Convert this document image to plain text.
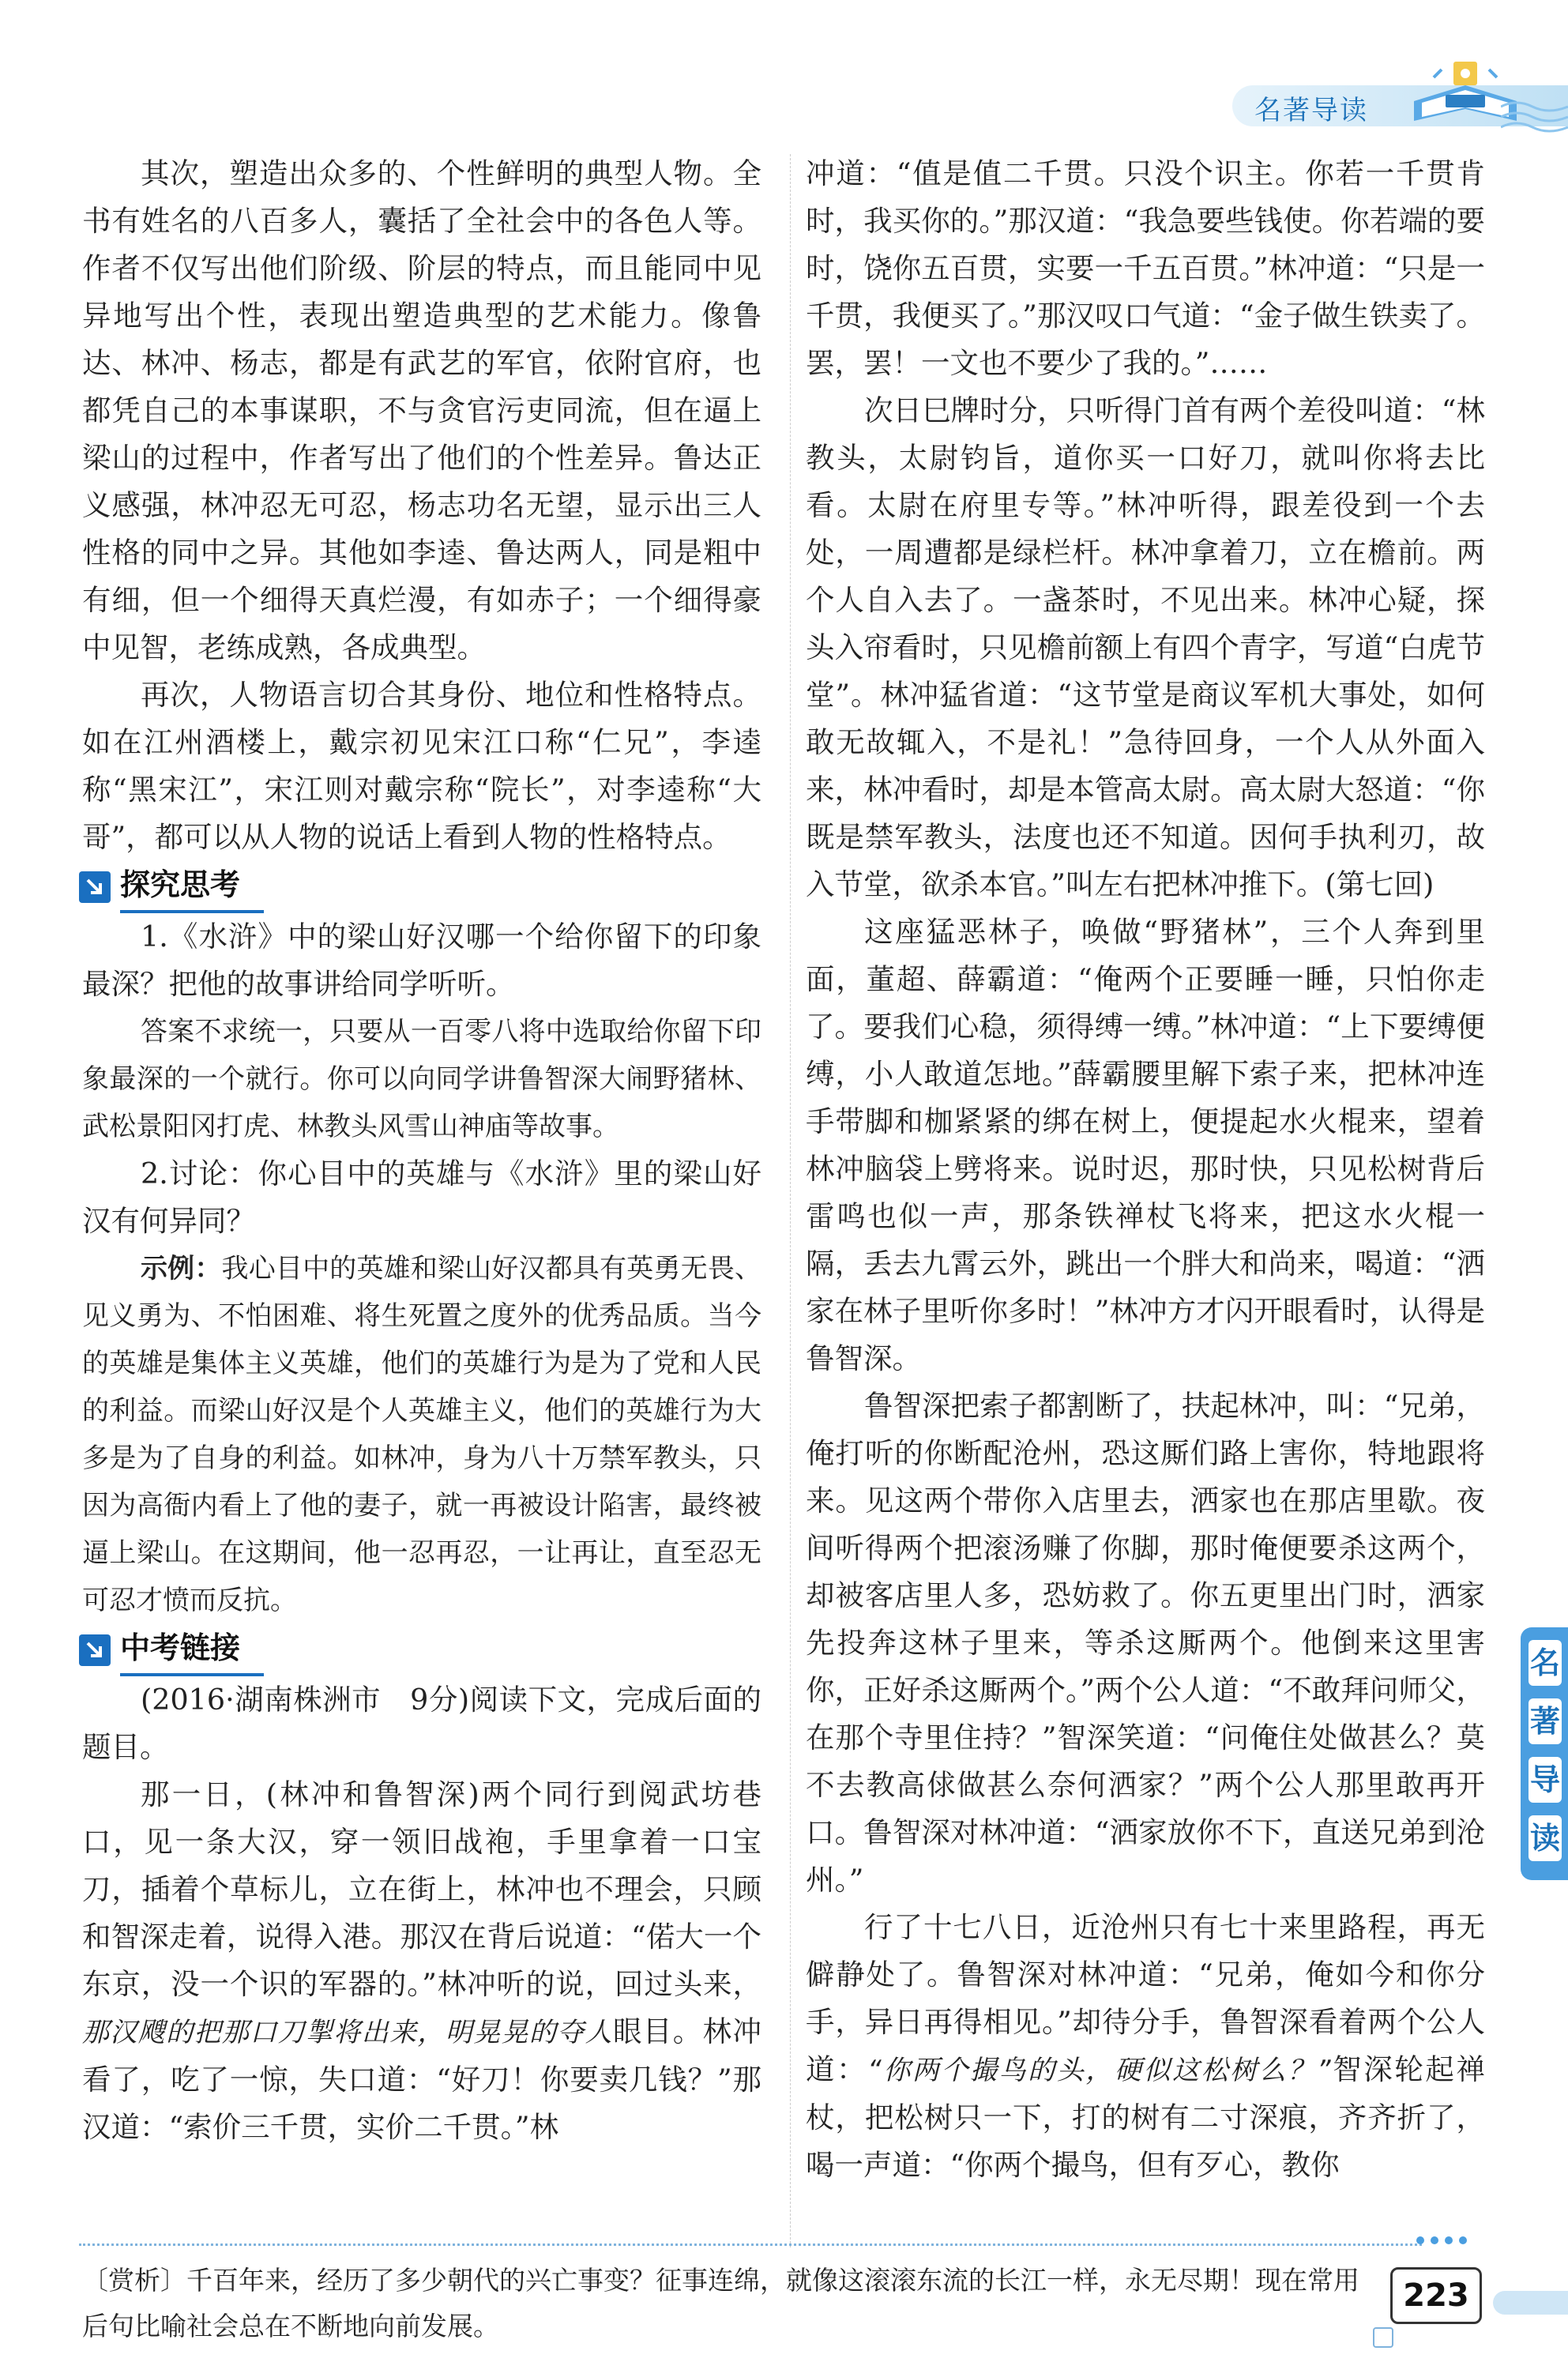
名著导读

其次，塑造出众多的、个性鲜明的典型人物。全书有姓名的八百多人，囊括了全社会中的各色人等。作者不仅写出他们阶级、阶层的特点，而且能同中见异地写出个性，表现出塑造典型的艺术能力。像鲁达、林冲、杨志，都是有武艺的军官，依附官府，也都凭自己的本事谋职，不与贪官污吏同流，但在逼上梁山的过程中，作者写出了他们的个性差异。鲁达正义感强，林冲忍无可忍，杨志功名无望，显示出三人性格的同中之异。其他如李逵、鲁达两人，同是粗中有细，但一个细得天真烂漫，有如赤子；一个细得豪中见智，老练成熟，各成典型。

再次，人物语言切合其身份、地位和性格特点。如在江州酒楼上，戴宗初见宋江口称“仁兄”，李逵称“黑宋江”，宋江则对戴宗称“院长”，对李逵称“大哥”，都可以从人物的说话上看到人物的性格特点。

探究思考

1.《水浒》中的梁山好汉哪一个给你留下的印象最深？把他的故事讲给同学听听。

答案不求统一，只要从一百零八将中选取给你留下印象最深的一个就行。你可以向同学讲鲁智深大闹野猪林、武松景阳冈打虎、林教头风雪山神庙等故事。

2.讨论：你心目中的英雄与《水浒》里的梁山好汉有何异同？

示例：我心目中的英雄和梁山好汉都具有英勇无畏、见义勇为、不怕困难、将生死置之度外的优秀品质。当今的英雄是集体主义英雄，他们的英雄行为是为了党和人民的利益。而梁山好汉是个人英雄主义，他们的英雄行为大多是为了自身的利益。如林冲，身为八十万禁军教头，只因为高衙内看上了他的妻子，就一再被设计陷害，最终被逼上梁山。在这期间，他一忍再忍，一让再让，直至忍无可忍才愤而反抗。

中考链接

(2016·湖南株洲市　9分)阅读下文，完成后面的题目。

那一日，(林冲和鲁智深)两个同行到阅武坊巷口，见一条大汉，穿一领旧战袍，手里拿着一口宝刀，插着个草标儿，立在街上，林冲也不理会，只顾和智深走着，说得入港。那汉在背后说道：“偌大一个东京，没一个识的军器的。”林冲听的说，回过头来，那汉飕的把那口刀掣将出来，明晃晃的夺人眼目。林冲看了，吃了一惊，失口道：“好刀！你要卖几钱？”那汉道：“索价三千贯，实价二千贯。”林

冲道：“值是值二千贯。只没个识主。你若一千贯肯时，我买你的。”那汉道：“我急要些钱使。你若端的要时，饶你五百贯，实要一千五百贯。”林冲道：“只是一千贯，我便买了。”那汉叹口气道：“金子做生铁卖了。罢，罢！一文也不要少了我的。”……

次日巳牌时分，只听得门首有两个差役叫道：“林教头，太尉钧旨，道你买一口好刀，就叫你将去比看。太尉在府里专等。”林冲听得，跟差役到一个去处，一周遭都是绿栏杆。林冲拿着刀，立在檐前。两个人自入去了。一盏茶时，不见出来。林冲心疑，探头入帘看时，只见檐前额上有四个青字，写道“白虎节堂”。林冲猛省道：“这节堂是商议军机大事处，如何敢无故辄入，不是礼！”急待回身，一个人从外面入来，林冲看时，却是本管高太尉。高太尉大怒道：“你既是禁军教头，法度也还不知道。因何手执利刃，故入节堂，欲杀本官。”叫左右把林冲推下。(第七回)

这座猛恶林子，唤做“野猪林”，三个人奔到里面，董超、薛霸道：“俺两个正要睡一睡，只怕你走了。要我们心稳，须得缚一缚。”林冲道：“上下要缚便缚，小人敢道怎地。”薛霸腰里解下索子来，把林冲连手带脚和枷紧紧的绑在树上，便提起水火棍来，望着林冲脑袋上劈将来。说时迟，那时快，只见松树背后雷鸣也似一声，那条铁禅杖飞将来，把这水火棍一隔，丢去九霄云外，跳出一个胖大和尚来，喝道：“洒家在林子里听你多时！”林冲方才闪开眼看时，认得是鲁智深。

鲁智深把索子都割断了，扶起林冲，叫：“兄弟，俺打听的你断配沧州，恐这厮们路上害你，特地跟将来。见这两个带你入店里去，洒家也在那店里歇。夜间听得两个把滚汤赚了你脚，那时俺便要杀这两个，却被客店里人多，恐妨救了。你五更里出门时，洒家先投奔这林子里来，等杀这厮两个。他倒来这里害你，正好杀这厮两个。”两个公人道：“不敢拜问师父，在那个寺里住持？”智深笑道：“问俺住处做甚么？莫不去教高俅做甚么奈何洒家？”两个公人那里敢再开口。鲁智深对林冲道：“洒家放你不下，直送兄弟到沧州。”

行了十七八日，近沧州只有七十来里路程，再无僻静处了。鲁智深对林冲道：“兄弟，俺如今和你分手，异日再得相见。”却待分手，鲁智深看着两个公人道：“你两个撮鸟的头，硬似这松树么？”智深轮起禅杖，把松树只一下，打的树有二寸深痕，齐齐折了，喝一声道：“你两个撮鸟，但有歹心，教你

名
著
导
读
〔赏析〕千百年来，经历了多少朝代的兴亡事变？征事连绵，就像这滚滚东流的长江一样，永无尽期！现在常用后句比喻社会总在不断地向前发展。
223
